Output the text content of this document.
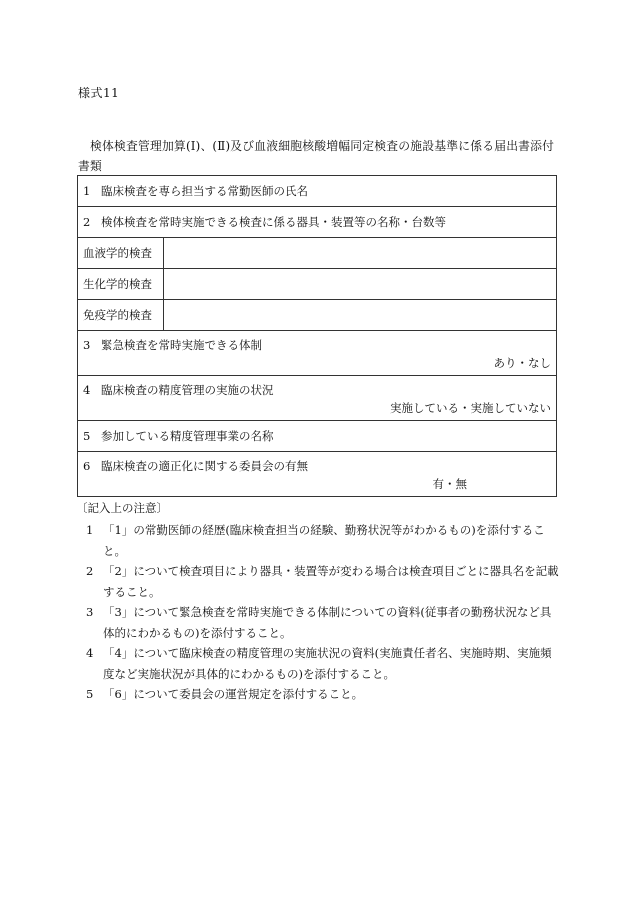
様式11
検体検査管理加算(Ⅰ)、(Ⅱ)及び血液細胞核酸増幅同定検査の施設基準に係る届出書添付書類
1 臨床検査を専ら担当する常勤医師の氏名	
2 検体検査を常時実施できる検査に係る器具・装置等の名称・台数等	
血液学的検査	
生化学的検査	
免疫学的検査	

3 緊急検査を常時実施できる体制
あり・なし	

4 臨床検査の精度管理の実施の状況
実施している・実施していない	

5 参加している精度管理事業の名称	

6 臨床検査の適正化に関する委員会の有無
有・無	
〔記入上の注意〕
1 「1」の常勤医師の経歴(臨床検査担当の経験、勤務状況等がわかるもの)を添付すること。
2 「2」について検査項目により器具・装置等が変わる場合は検査項目ごとに器具名を記載すること。
3 「3」について緊急検査を常時実施できる体制についての資料(従事者の勤務状況など具体的にわかるもの)を添付すること。
4 「4」について臨床検査の精度管理の実施状況の資料(実施責任者名、実施時期、実施頻度など実施状況が具体的にわかるもの)を添付すること。
5 「6」について委員会の運営規定を添付すること。
